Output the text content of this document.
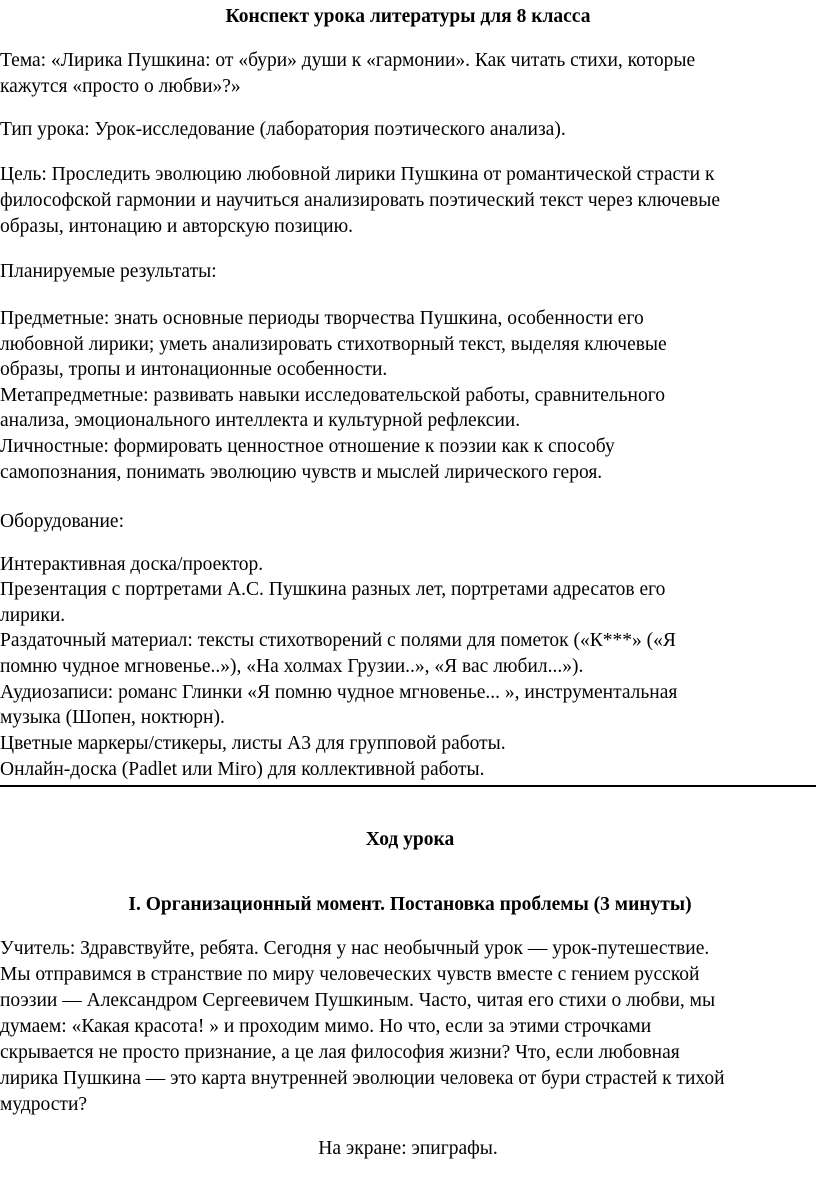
Конспект урока литературы для 8 класса
Тема: «Лирика Пушкина: от «бури» души к «гармонии». Как читать стихи, которые
кажутся «просто о любви»?»
Тип урока: Урок-исследование (лаборатория поэтического анализа).
Цель: Проследить эволюцию любовной лирики Пушкина от романтической страсти к
философской гармонии и научиться анализировать поэтический текст через ключевые
образы, интонацию и авторскую позицию.
Планируемые результаты:
Предметные: знать основные периоды творчества Пушкина, особенности его
любовной лирики; уметь анализировать стихотворный текст, выделяя ключевые
образы, тропы и интонационные особенности.
Метапредметные: развивать навыки исследовательской работы, сравнительного
анализа, эмоционального интеллекта и культурной рефлексии.
Личностные: формировать ценностное отношение к поэзии как к способу
самопознания, понимать эволюцию чувств и мыслей лирического героя.
Оборудование:
Интерактивная доска/проектор.
Презентация с портретами А.С. Пушкина разных лет, портретами адресатов его
лирики.
Раздаточный материал: тексты стихотворений с полями для пометок («К***» («Я
помню чудное мгновенье..»), «На холмах Грузии..», «Я вас любил...»).
Аудиозаписи: романс Глинки «Я помню чудное мгновенье... », инструментальная
музыка (Шопен, ноктюрн).
Цветные маркеры/стикеры, листы А3 для групповой работы.
Онлайн-доска (Padlet или Miro) для коллективной работы.
Ход урока
I. Организационный момент. Постановка проблемы (3 минуты)
Учитель: Здравствуйте, ребята. Сегодня у нас необычный урок — урок-путешествие.
Мы отправимся в странствие по миру человеческих чувств вместе с гением русской
поэзии — Александром Сергеевичем Пушкиным. Часто, читая его стихи о любви, мы
думаем: «Какая красота! » и проходим мимо. Но что, если за этими строчками
скрывается не просто признание, а це лая философия жизни? Что, если любовная
лирика Пушкина — это карта внутренней эволюции человека от бури страстей к тихой
мудрости?
На экране: эпиграфы.
